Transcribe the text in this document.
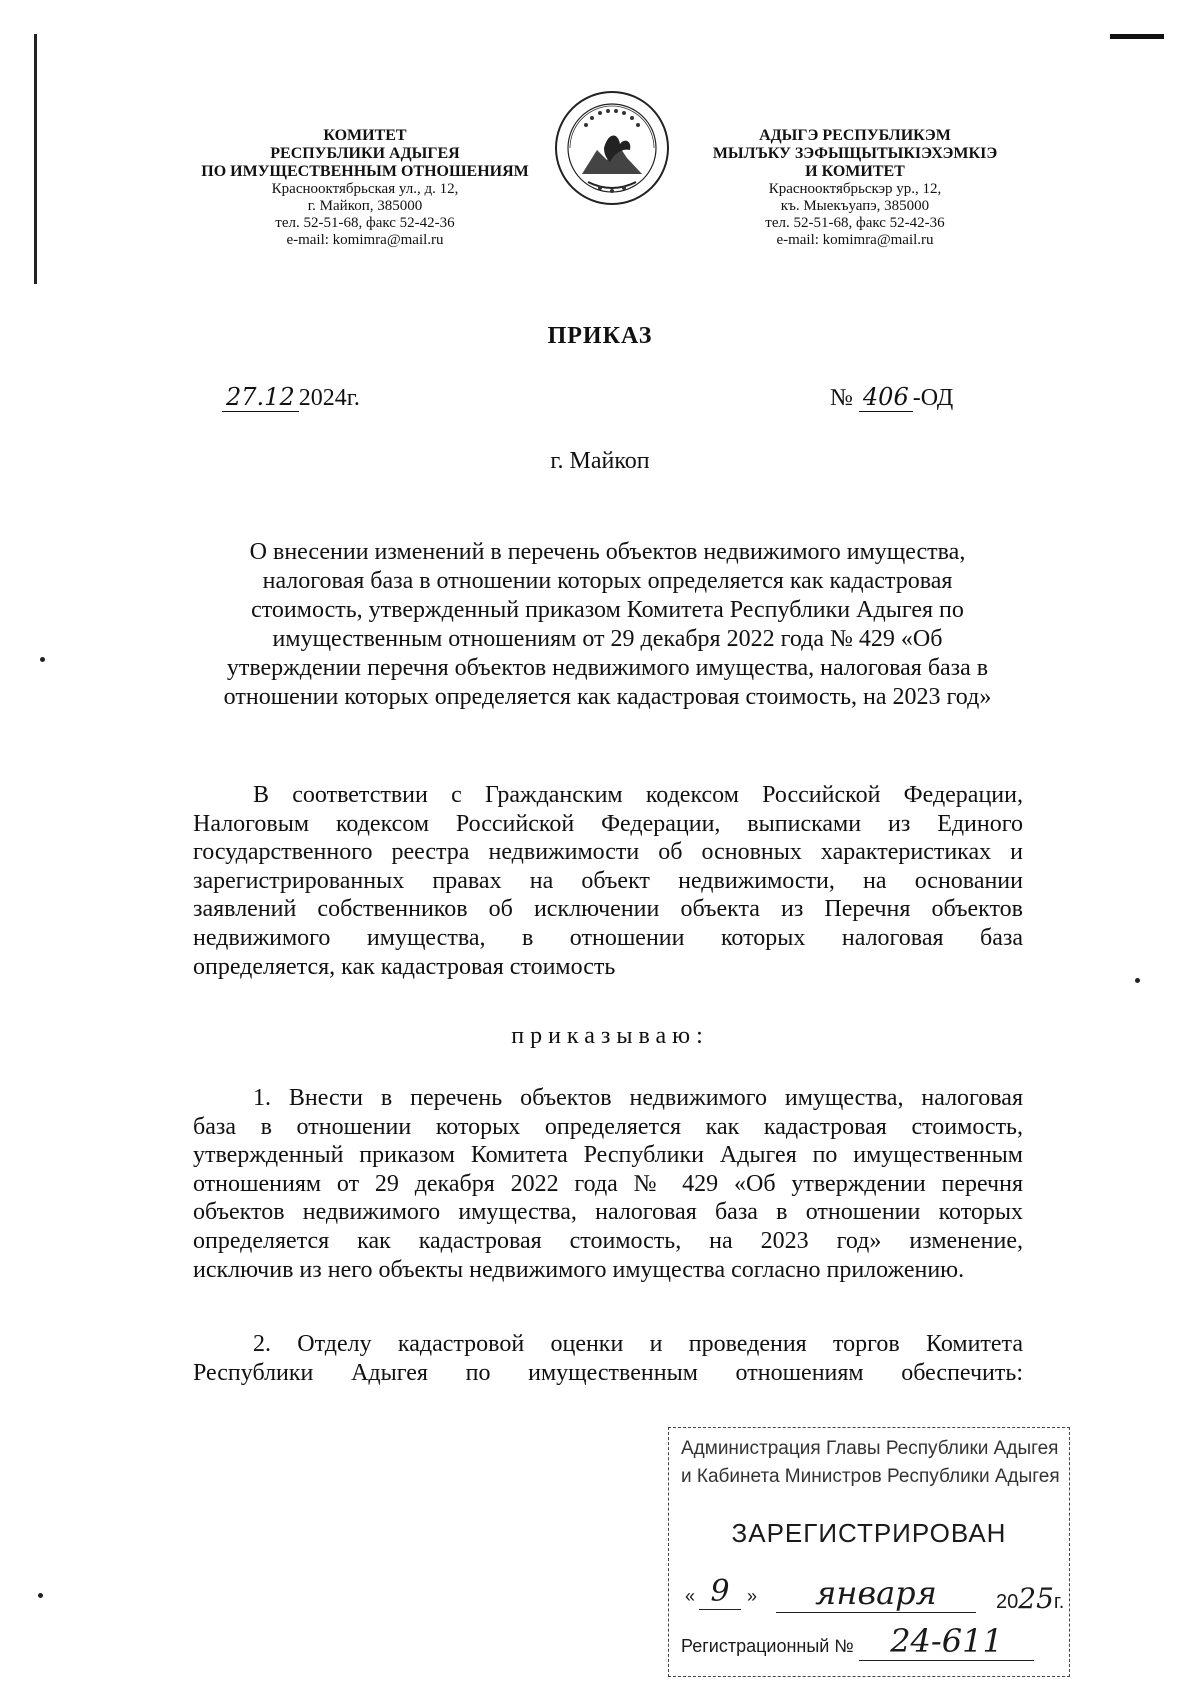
КОМИТЕТ
РЕСПУБЛИКИ АДЫГЕЯ
ПО ИМУЩЕСТВЕННЫМ ОТНОШЕНИЯМ
Краснооктябрьская ул., д. 12,
г. Майкоп, 385000
тел. 52-51-68, факс 52-42-36
e-mail: komimra@mail.ru
АДЫГЭ РЕСПУБЛИКЭМ
МЫЛЪКУ ЗЭФЫЩЫТЫКIЭХЭМКIЭ
И КОМИТЕТ
Краснооктябрьскэр ур., 12,
къ. Мыекъуапэ, 385000
тел. 52-51-68, факс 52-42-36
e-mail: komimra@mail.ru
ПРИКАЗ
27.12 2024г.	№ 406 -ОД
г. Майкоп
О внесении изменений в перечень объектов недвижимого имущества,
налоговая база в отношении которых определяется как кадастровая
стоимость, утвержденный приказом Комитета Республики Адыгея по
имущественным отношениям от 29 декабря 2022 года № 429 «Об
утверждении перечня объектов недвижимого имущества, налоговая база в
отношении которых определяется как кадастровая стоимость, на 2023 год»
В соответствии с Гражданским кодексом Российской Федерации,
Налоговым кодексом Российской Федерации, выписками из Единого
государственного реестра недвижимости об основных характеристиках и
зарегистрированных правах на объект недвижимости, на основании
заявлений собственников об исключении объекта из Перечня объектов
недвижимого имущества, в отношении которых налоговая база
определяется, как кадастровая стоимость
приказываю:
1. Внести в перечень объектов недвижимого имущества, налоговая
база в отношении которых определяется как кадастровая стоимость,
утвержденный приказом Комитета Республики Адыгея по имущественным
отношениям от 29 декабря 2022 года № 429 «Об утверждении перечня
объектов недвижимого имущества, налоговая база в отношении которых
определяется как кадастровая стоимость, на 2023 год» изменение,
исключив из него объекты недвижимого имущества согласно приложению.
2. Отделу кадастровой оценки и проведения торгов Комитета
Республики Адыгея по имущественным отношениям обеспечить:
Администрация Главы Республики Адыгея
и Кабинета Министров Республики Адыгея
ЗАРЕГИСТРИРОВАН
« 9 »	января	2025г.
Регистрационный №	24-611
